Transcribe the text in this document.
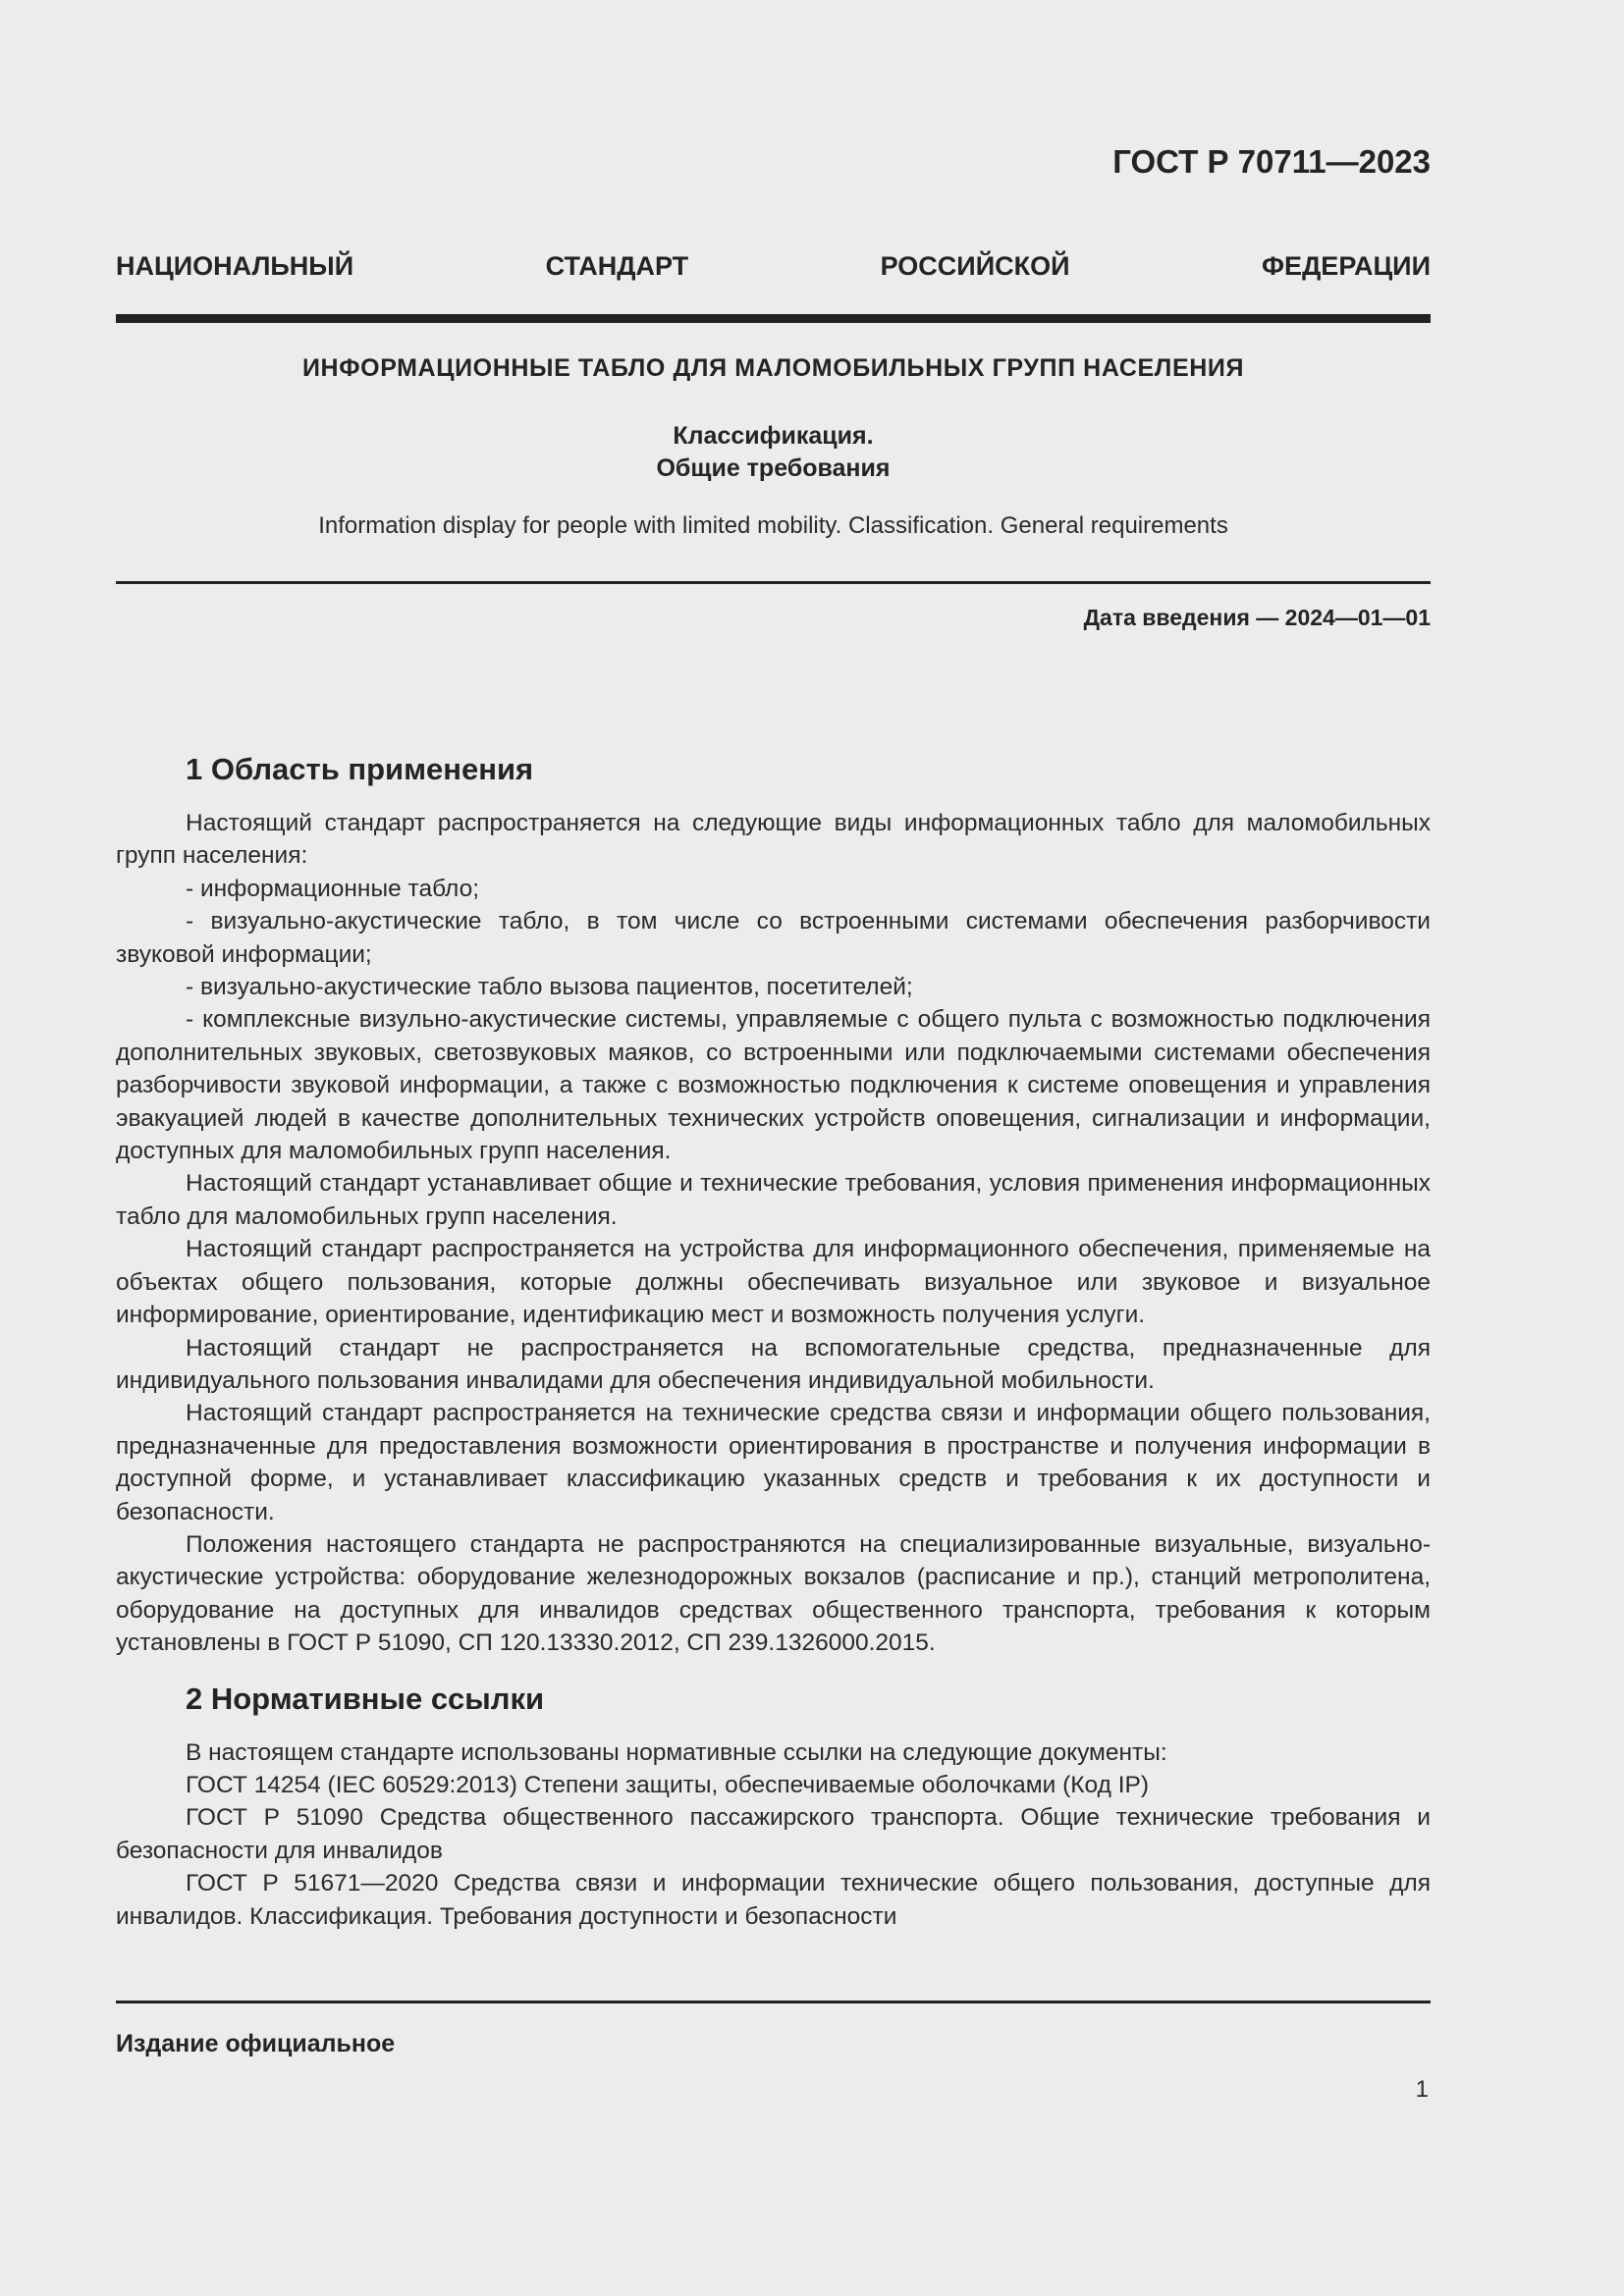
ГОСТ Р 70711—2023
НАЦИОНАЛЬНЫЙ	СТАНДАРТ	РОССИЙСКОЙ	ФЕДЕРАЦИИ
ИНФОРМАЦИОННЫЕ ТАБЛО ДЛЯ МАЛОМОБИЛЬНЫХ ГРУПП НАСЕЛЕНИЯ
Классификация.
Общие требования
Information display for people with limited mobility. Classification. General requirements
Дата введения — 2024—01—01
1 Область применения

Настоящий стандарт распространяется на следующие виды информационных табло для маломобильных групп населения:

- информационные табло;

- визуально-акустические табло, в том числе со встроенными системами обеспечения разборчивости звуковой информации;

- визуально-акустические табло вызова пациентов, посетителей;

- комплексные визульно-акустические системы, управляемые с общего пульта с возможностью подключения дополнительных звуковых, светозвуковых маяков, со встроенными или подключаемыми системами обеспечения разборчивости звуковой информации, а также с возможностью подключения к системе оповещения и управления эвакуацией людей в качестве дополнительных технических устройств оповещения, сигнализации и информации, доступных для маломобильных групп населения.

Настоящий стандарт устанавливает общие и технические требования, условия применения информационных табло для маломобильных групп населения.

Настоящий стандарт распространяется на устройства для информационного обеспечения, применяемые на объектах общего пользования, которые должны обеспечивать визуальное или звуковое и визуальное информирование, ориентирование, идентификацию мест и возможность получения услуги.

Настоящий стандарт не распространяется на вспомогательные средства, предназначенные для индивидуального пользования инвалидами для обеспечения индивидуальной мобильности.

Настоящий стандарт распространяется на технические средства связи и информации общего пользования, предназначенные для предоставления возможности ориентирования в пространстве и получения информации в доступной форме, и устанавливает классификацию указанных средств и требования к их доступности и безопасности.

Положения настоящего стандарта не распространяются на специализированные визуальные, визуально-акустические устройства: оборудование железнодорожных вокзалов (расписание и пр.), станций метрополитена, оборудование на доступных для инвалидов средствах общественного транспорта, требования к которым установлены в ГОСТ Р 51090, СП 120.13330.2012, СП 239.1326000.2015.

2 Нормативные ссылки

В настоящем стандарте использованы нормативные ссылки на следующие документы:

ГОСТ 14254 (IEC 60529:2013) Степени защиты, обеспечиваемые оболочками (Код IP)

ГОСТ Р 51090 Средства общественного пассажирского транспорта. Общие технические требования и безопасности для инвалидов

ГОСТ Р 51671—2020 Средства связи и информации технические общего пользования, доступные для инвалидов. Классификация. Требования доступности и безопасности

Издание официальное
1
